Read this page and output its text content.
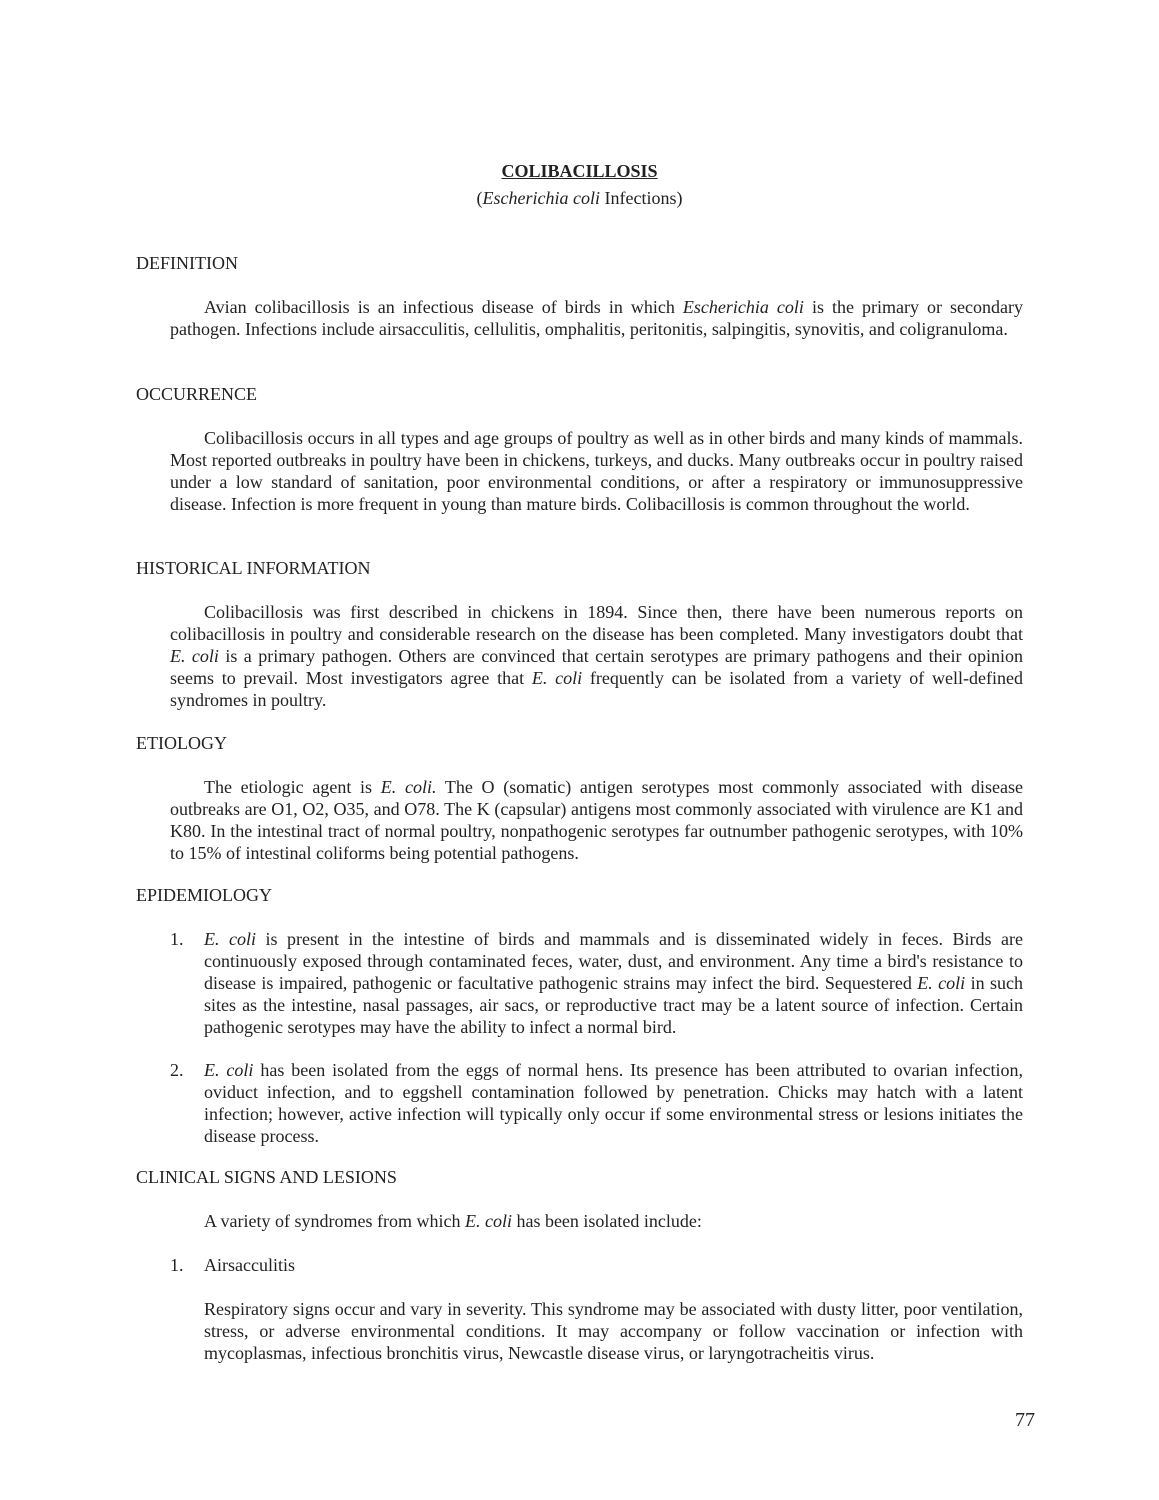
COLIBACILLOSIS
(Escherichia coli Infections)
DEFINITION
Avian colibacillosis is an infectious disease of birds in which Escherichia coli is the primary or secondary pathogen. Infections include airsacculitis, cellulitis, omphalitis, peritonitis, salpingitis, synovitis, and coligranuloma.
OCCURRENCE
Colibacillosis occurs in all types and age groups of poultry as well as in other birds and many kinds of mammals. Most reported outbreaks in poultry have been in chickens, turkeys, and ducks. Many outbreaks occur in poultry raised under a low standard of sanitation, poor environmental conditions, or after a respiratory or immunosuppressive disease. Infection is more frequent in young than mature birds. Colibacillosis is common throughout the world.
HISTORICAL INFORMATION
Colibacillosis was first described in chickens in 1894. Since then, there have been numerous reports on colibacillosis in poultry and considerable research on the disease has been completed. Many investigators doubt that E. coli is a primary pathogen. Others are convinced that certain serotypes are primary pathogens and their opinion seems to prevail. Most investigators agree that E. coli frequently can be isolated from a variety of well-defined syndromes in poultry.
ETIOLOGY
The etiologic agent is E. coli. The O (somatic) antigen serotypes most commonly associated with disease outbreaks are O1, O2, O35, and O78. The K (capsular) antigens most commonly associated with virulence are K1 and K80. In the intestinal tract of normal poultry, nonpathogenic serotypes far outnumber pathogenic serotypes, with 10% to 15% of intestinal coliforms being potential pathogens.
EPIDEMIOLOGY
1. E. coli is present in the intestine of birds and mammals and is disseminated widely in feces. Birds are continuously exposed through contaminated feces, water, dust, and environment. Any time a bird's resistance to disease is impaired, pathogenic or facultative pathogenic strains may infect the bird. Sequestered E. coli in such sites as the intestine, nasal passages, air sacs, or reproductive tract may be a latent source of infection. Certain pathogenic serotypes may have the ability to infect a normal bird.
2. E. coli has been isolated from the eggs of normal hens. Its presence has been attributed to ovarian infection, oviduct infection, and to eggshell contamination followed by penetration. Chicks may hatch with a latent infection; however, active infection will typically only occur if some environmental stress or lesions initiates the disease process.
CLINICAL SIGNS AND LESIONS
A variety of syndromes from which E. coli has been isolated include:
1. Airsacculitis
Respiratory signs occur and vary in severity. This syndrome may be associated with dusty litter, poor ventilation, stress, or adverse environmental conditions. It may accompany or follow vaccination or infection with mycoplasmas, infectious bronchitis virus, Newcastle disease virus, or laryngotracheitis virus.
77
